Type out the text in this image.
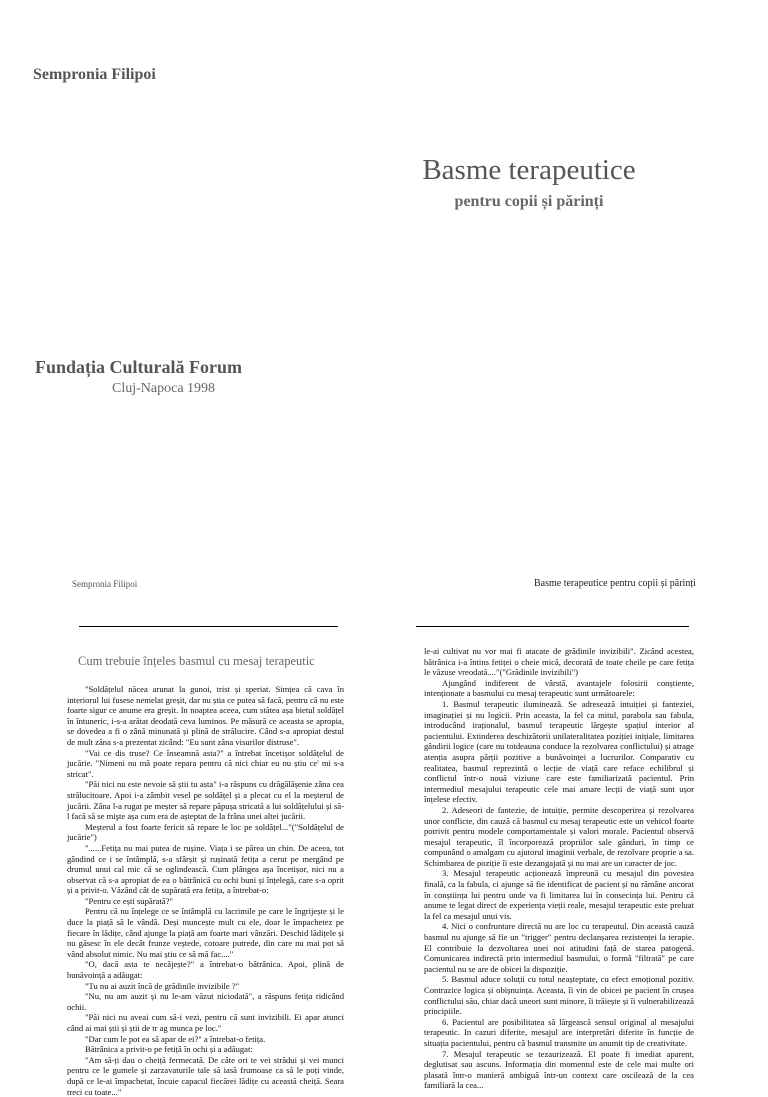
Sempronia Filipoi
Basme terapeutice
pentru copii și părinți
Fundația Culturală Forum
Cluj-Napoca 1998
Sempronia Filipoi	Basme terapeutice pentru copii și părinți
Cum trebuie înțeles basmul cu mesaj terapeutic

"Soldățelul năcea arunat la gunoi, trist și speriat. Simțea că cava în interiorul lui fusese nemelat greșit, dar nu știa ce putea să facă, pentru că nu este foarte sigur ce anume era greșit. In noaptea aceea, cum stătea așa bietul soldățel în întuneric, i-s-a arătat deodată ceva luminos. Pe măsură ce aceasta se apropia, se dovedea a fi o zână minunată și plină de strălucire. Când s-a apropiat destul de mult zâna s-a prezentat zicând: "Eu sunt zâna visurilor distruse".

"Vai ce dis truse? Ce înseamnă asta?" a întrebat încetișor soldățelul de jucărie. "Nimeni nu mă poate repara pentru că nici chiar eu nu știu ce' mi s-a stricat".

"Păi nici nu este nevoie să știi tu asta" i-a răspuns cu drăgălășenie zâna cea strălucitoare. Apoi i-a zâmbit vesel pe soldățel și a plecat cu el la meșterul de jucării. Zâna l-a rugat pe meșter să repare păpușa stricată a lui soldățelului și să-l facă să se mişte așa cum era de așteptat de la frâna unei altei jucării.

Meșterul a fost foarte fericit să repare le loc pe soldățel..."("Soldățelul de jucărie")

"......Fetița nu mai putea de rușine. Viața i se părea un chin. De aceea, tot gândind ce i se întâmplă, s-a sfârșit și rușinată fetița a cerut pe mergând pe drumul unui cal mic că se oglindească. Cum plângea așa încetișor, nici nu a observat că s-a apropiat de ea o bătrânică cu ochi buni și înțelegă, care s-a oprit și a privit-o. Văzând cât de supărată era fetița, a întrebat-o:

"Pentru ce ești supărată?"

Pentru că nu înțelege ce se întâmplă cu lacrimile pe care le îngrijește și le duce la piață să le vândă. Deși muncește mult cu ele, doar le împachetez pe fiecare în lădițe, când ajunge la piață am foarte mari vânzări. Deschid lădițele și nu găsesc în ele decât frunze veștede, cotoare putrede, din care nu mai pot să vând absolut nimic. Nu mai știu ce să mă fac...."

"O, dacă asta te necăjește?" a întrebat-o bătrânica. Apoi, plină de bunăvoință a adăugat:

"Tu nu ai auzit încă de grădinile invizibile ?"

"Nu, nu am auzit și nu le-am văzut niciodată", a răspuns fetița ridicând ochii.

"Păi nici nu aveai cum să-i vezi, pentru că sunt invizibili. Ei apar atunci când ai mai știi și știi de tr ag munca pe loc."

"Dar cum le pot ea să apar de ei?" a întrebat-o fetița.

Bătrânica a privit-o pe fetiță în ochi și a adăugat:

"Am să-ți dau o cheiță fermecată. De câte ori te vei strădui și vei munci pentru ce le gumele și zarzavaturile tale să iasă frumoase ca să le poți vinde, după ce le-ai împachetat, încuie capacul fiecărei lădițe cu această cheiță. Seara treci cu toate..."

le-ai cultivat nu vor mai fi atacate de grădinile invizibili". Zicând acestea, bătrânica i-a întins fetiței o cheie mică, decorată de toate cheile pe care fetița le văzuse vreodată...."("Grădinile invizibili")

Ajungând indiferent de vârstă, avantajele folosirii conștiente, intenționate a basmului cu mesaj terapeutic sunt următoarele:

1. Basmul terapeutic iluminează. Se adresează intuiției și fanteziei, imaginației și nu logicii. Prin aceasta, la fel ca mitul, parabola sau fabula, introducând iraționalul, basmul terapeutic lărgește spațiul interior al pacientului. Extinderea deschizătorii unilateralitatea poziției inițiale, limitarea gândirii logice (care nu totdeauna conduce la rezolvarea conflictului) și atrage atenția asupra părții pozitive a bunăvoinței a lucrurilor. Comparativ cu realitatea, basmul reprezintă o lecție de viață care reface echilibrul și conflictul într-o nouă viziune care este familiarizată pacientul. Prin intermediul mesajului terapeutic cele mai amare lecții de viață sunt ușor înțelese efectiv.

2. Adeseori de fantezie, de intuiție, permite descoperirea și rezolvarea unor conflicte, din cauză că basmul cu mesaj terapeutic este un vehicol foarte potrivit pentru modele comportamentale și valori morale. Pacientul observă mesajul terapeutic, îl încorporează propriilor sale gânduri, în timp ce compunând o amalgam cu ajutorul imaginii verbale, de rezolvare proprie a sa. Schimbarea de poziție îi este dezangajată și nu mai are un caracter de joc.

3. Mesajul terapeutic acționează împreună cu mesajul din povestea finală, ca la fabula, ci ajunge să fie identificat de pacient și nu rămâne ancorat în conștiința lui pentru unde va fi limitarea lui în consecința lui. Pentru că anume te legat direct de experiența vieții reale, mesajul terapeutic este preluat la fel ca mesajul unui vis.

4. Nici o confruntare directă nu are loc cu terapeutul. Din această cauză basmul nu ajunge să fie un "trigger" pentru declanșarea rezistenței la terapie. El contribuie la dezvoltarea unei noi atitudini față de starea patogenă. Comunicarea indirectă prin intermediul basmului, o formă "filtrată" pe care pacientul nu se are de obicei la dispoziție.

5. Basmul aduce soluții cu totul neașteptate, cu efect emoțional pozitiv. Contrazice logica și obișnuința. Aceasta, îi vin de obicei pe pacient în crușea conflictului său, chiar dacă uneori sunt minore, îi trăiește și îi vulnerabilizează principiile.

6. Pacientul are posibilitatea să lărgească sensul original al mesajului terapeutic. In cazuri diferite, mesajul are interpretări diferite în funcție de situația pacientului, pentru că basmul transmite un anumit tip de creativitate.

7. Mesajul terapeutic se tezaurizează. El poate fi imediat aparent, deglutisat sau ascuns. Informația din momentul este de cele mai multe ori plasată într-o manieră ambiguă într-un context care oscilează de la cea familiară la cea...
